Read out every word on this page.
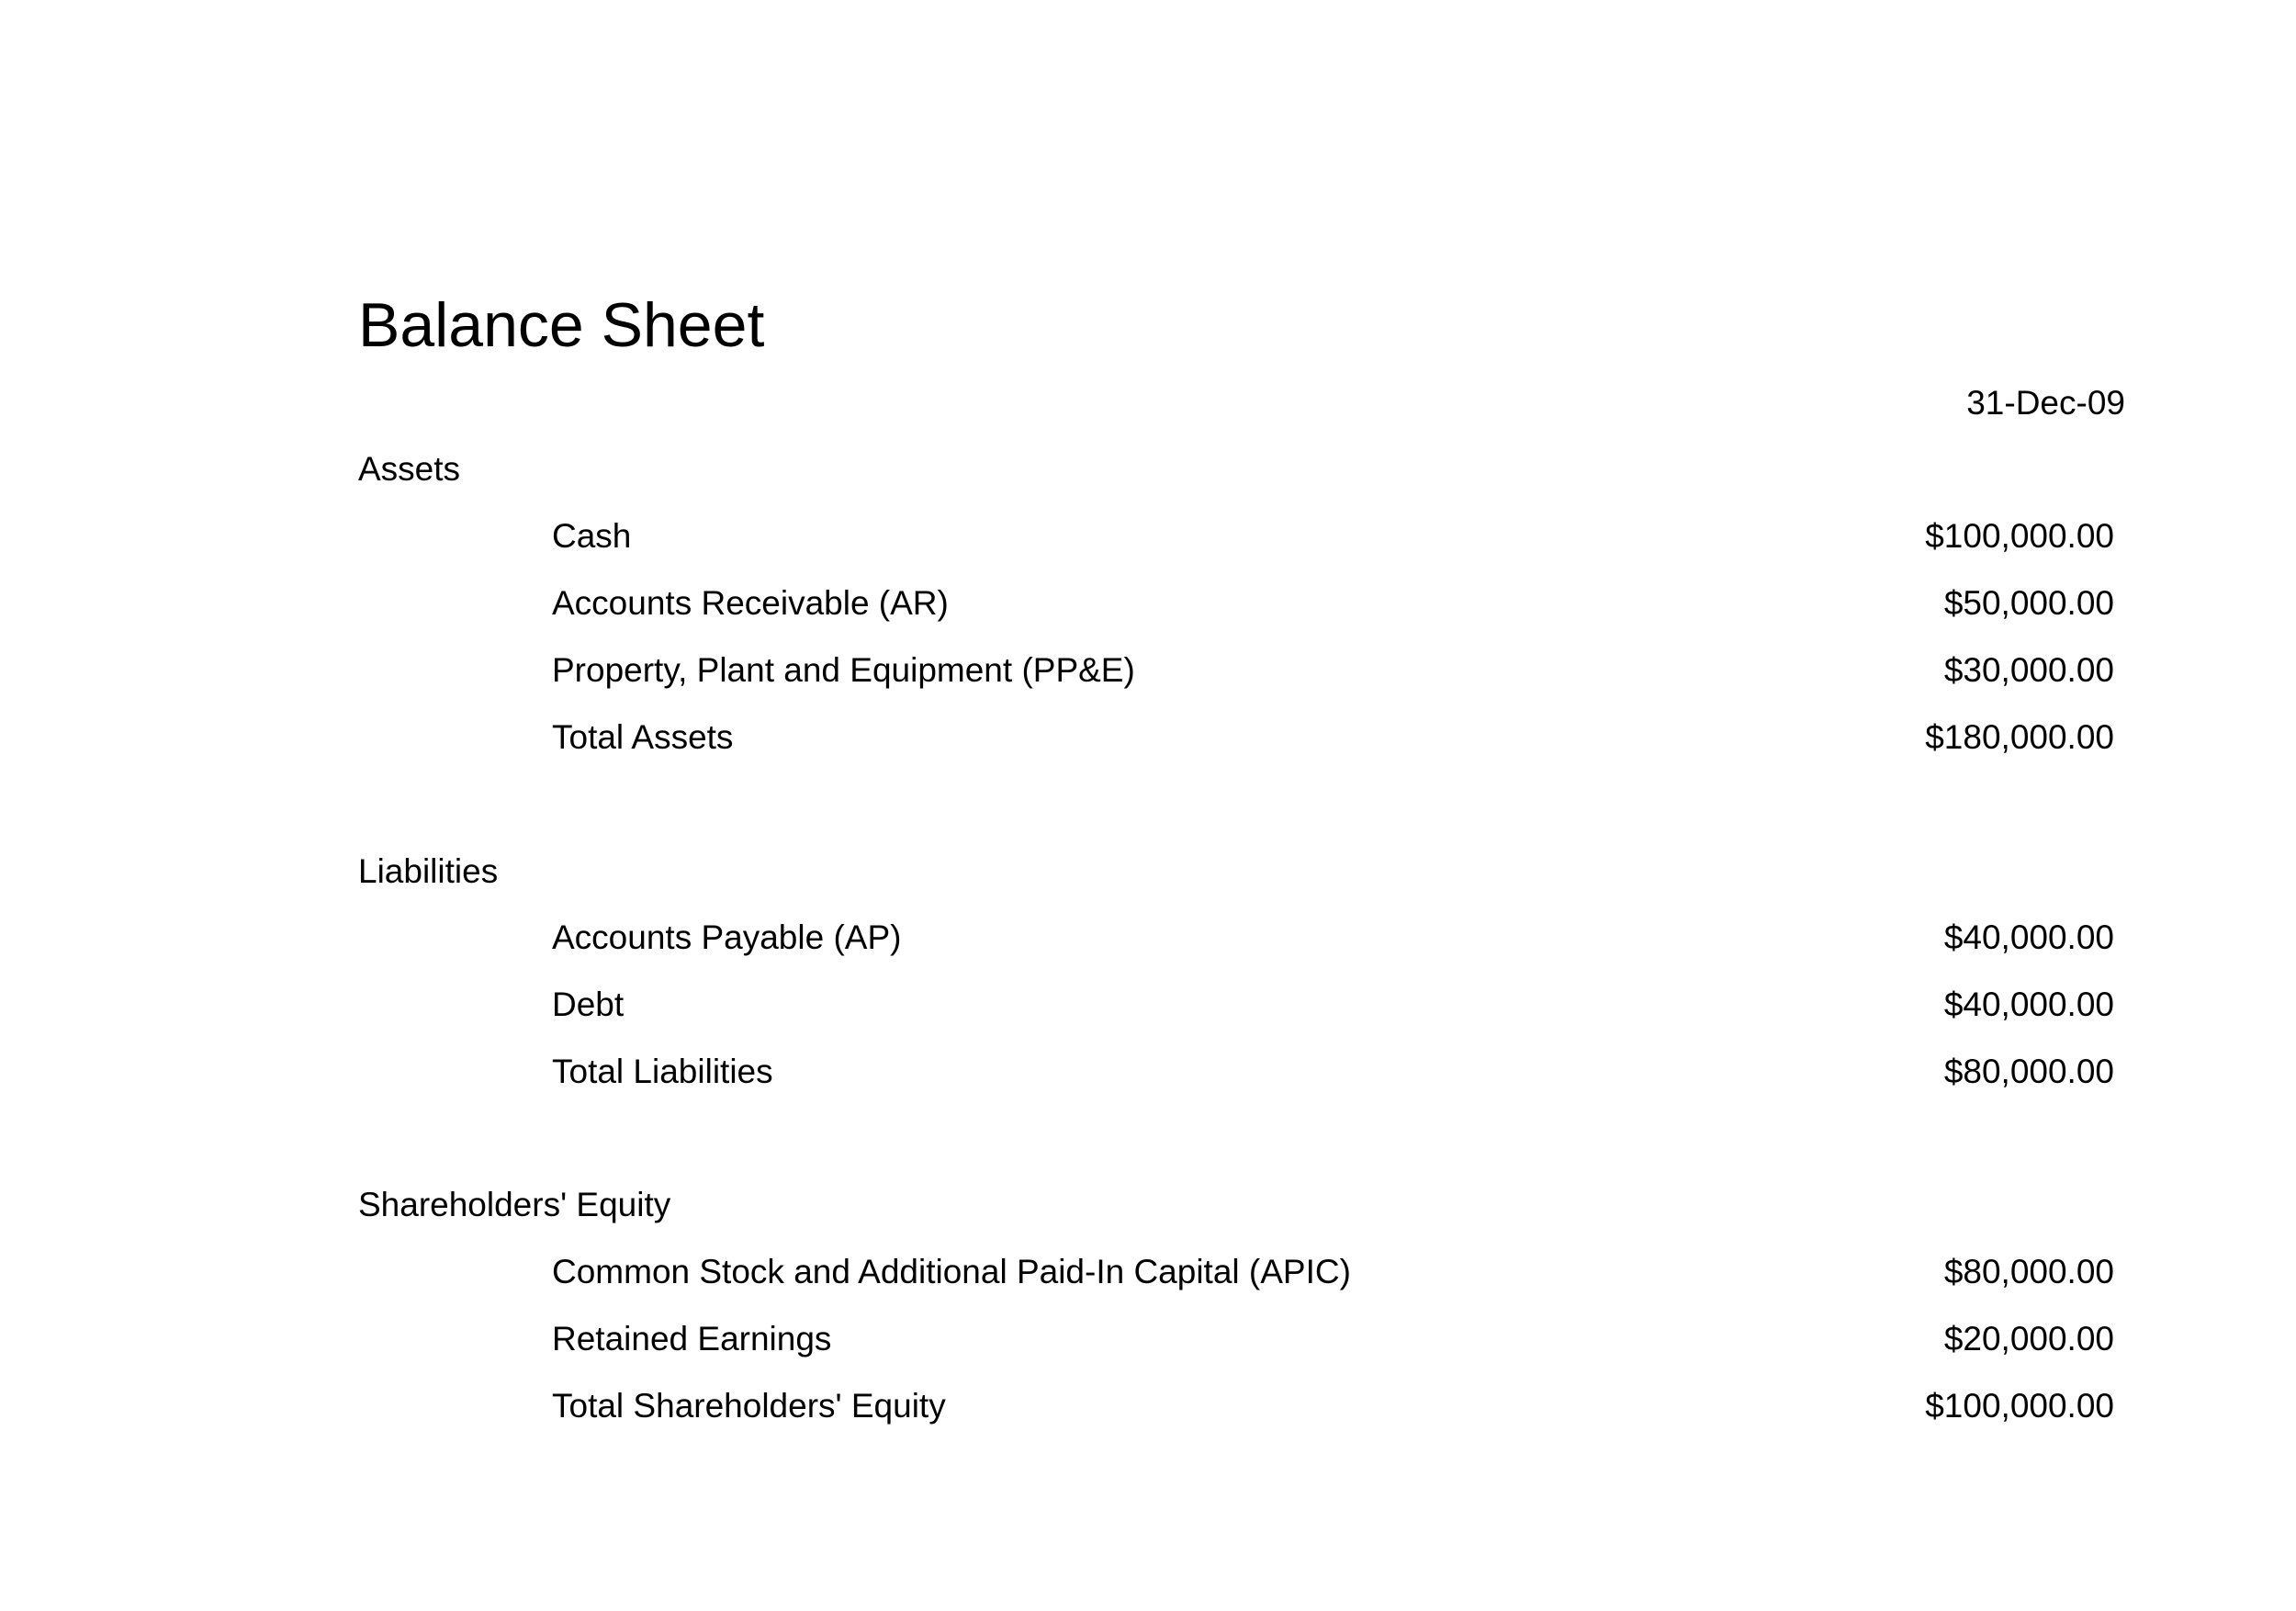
Balance Sheet
31-Dec-09
Assets
Cash	$100,000.00
Accounts Receivable (AR)	$50,000.00
Property, Plant and Equipment (PP&E)	$30,000.00
Total Assets	$180,000.00
Liabilities
Accounts Payable (AP)	$40,000.00
Debt	$40,000.00
Total Liabilities	$80,000.00
Shareholders' Equity
Common Stock and Additional Paid-In Capital (APIC)	$80,000.00
Retained Earnings	$20,000.00
Total Shareholders' Equity	$100,000.00
